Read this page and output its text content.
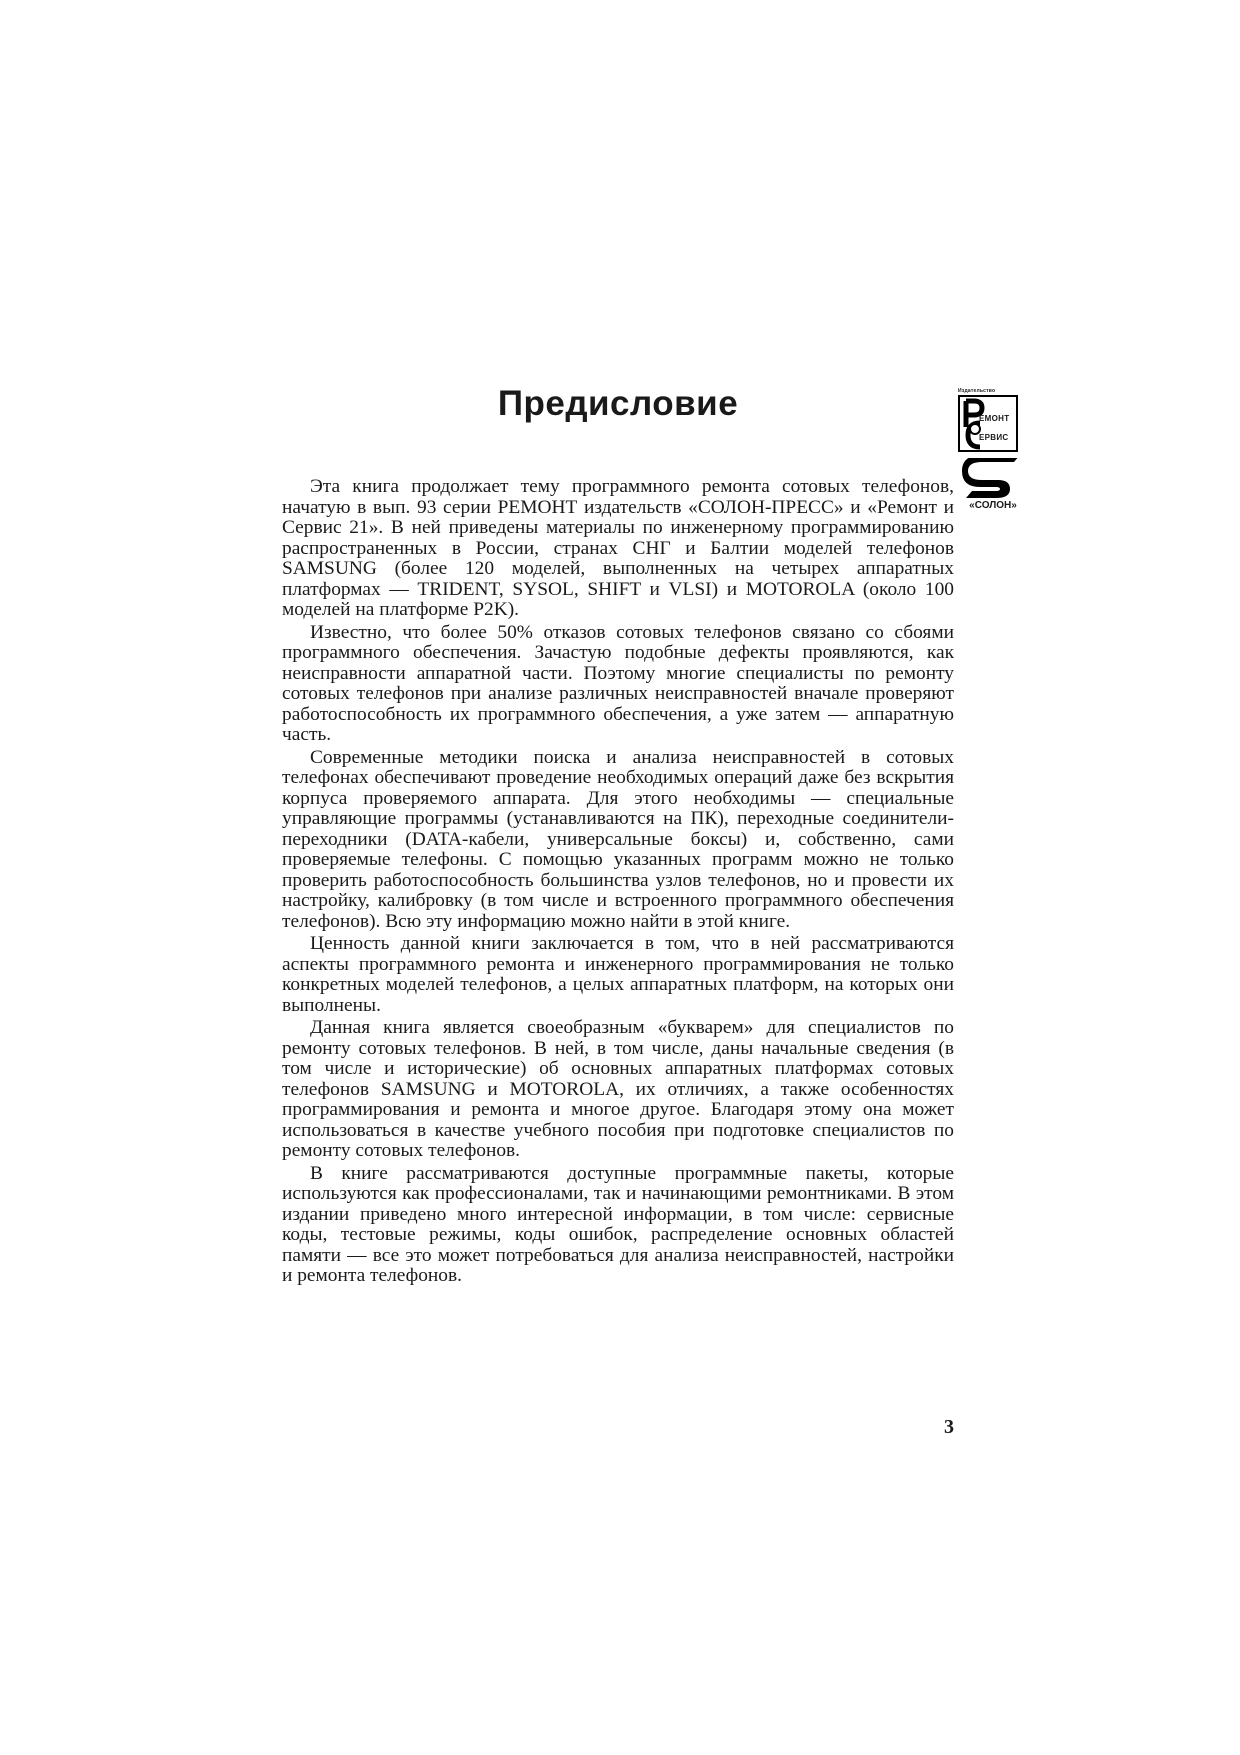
Предисловие	Издательство
ЕМОНТ
ЕРВИС
«СОЛОН»

Эта книга продолжает тему программного ремонта сотовых телефонов, начатую в вып. 93 серии РЕМОНТ издательств «СОЛОН-ПРЕСС» и «Ремонт и Сервис 21». В ней приведены материалы по инженерному программированию распространенных в России, странах СНГ и Балтии моделей телефонов SAMSUNG (более 120 моделей, выполненных на четырех аппаратных платформах — TRIDENT, SYSOL, SHIFT и VLSI) и MOTOROLA (около 100 моделей на платформе P2K).

Известно, что более 50% отказов сотовых телефонов связано со сбоями программного обеспечения. Зачастую подобные дефекты проявляются, как неисправности аппаратной части. Поэтому многие специалисты по ремонту сотовых телефонов при анализе различных неисправностей вначале проверяют работоспособность их программного обеспечения, а уже затем — аппаратную часть.

Современные методики поиска и анализа неисправностей в сотовых телефонах обеспечивают проведение необходимых операций даже без вскрытия корпуса проверяемого аппарата. Для этого необходимы — специальные управляющие программы (устанавливаются на ПК), переходные соединители-переходники (DATA-кабели, универсальные боксы) и, собственно, сами проверяемые телефоны. С помощью указанных программ можно не только проверить работоспособность большинства узлов телефонов, но и провести их настройку, калибровку (в том числе и встроенного программного обеспечения телефонов). Всю эту информацию можно найти в этой книге.

Ценность данной книги заключается в том, что в ней рассматриваются аспекты программного ремонта и инженерного программирования не только конкретных моделей телефонов, а целых аппаратных платформ, на которых они выполнены.

Данная книга является своеобразным «букварем» для специалистов по ремонту сотовых телефонов. В ней, в том числе, даны начальные сведения (в том числе и исторические) об основных аппаратных платформах сотовых телефонов SAMSUNG и MOTOROLA, их отличиях, а также особенностях программирования и ремонта и многое другое. Благодаря этому она может использоваться в качестве учебного пособия при подготовке специалистов по ремонту сотовых телефонов.

В книге рассматриваются доступные программные пакеты, которые используются как профессионалами, так и начинающими ремонтниками. В этом издании приведено много интересной информации, в том числе: сервисные коды, тестовые режимы, коды ошибок, распределение основных областей памяти — все это может потребоваться для анализа неисправностей, настройки и ремонта телефонов.

3
